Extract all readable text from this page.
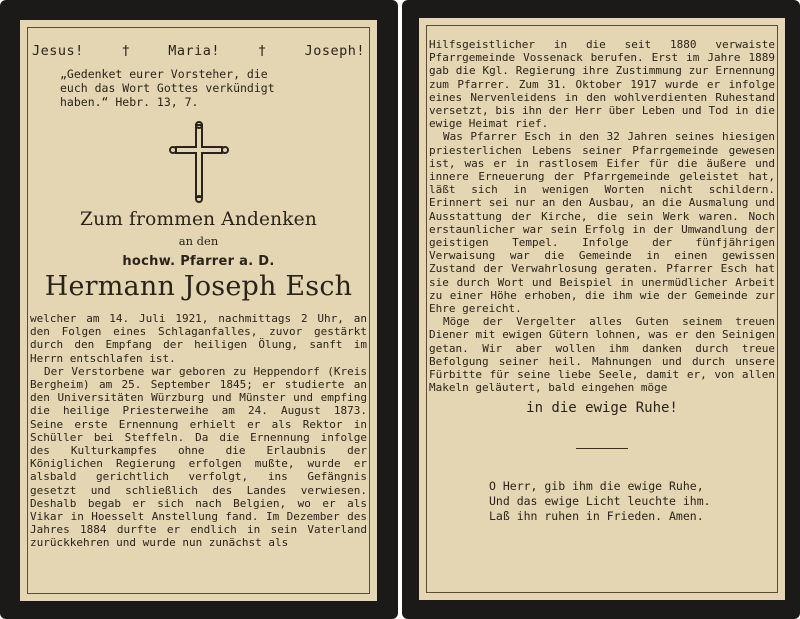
Jesus!	†	Maria!	†	Joseph!
„Gedenket eurer Vorsteher, die
euch das Wort Gottes verkündigt
haben.“ Hebr. 13, 7.
Zum frommen Andenken
an den
hochw. Pfarrer a. D.
Hermann Joseph Esch

welcher am 14. Juli 1921, nachmittags 2 Uhr, an den Folgen eines Schlaganfalles, zuvor gestärkt durch den Empfang der heiligen Ölung, sanft im Herrn entschlafen ist.

Der Verstorbene war geboren zu Heppendorf (Kreis Bergheim) am 25. September 1845; er studierte an den Universitäten Würzburg und Münster und empfing die heilige Priesterweihe am 24. August 1873. Seine erste Ernennung erhielt er als Rektor in Schüller bei Steffeln. Da die Ernennung infolge des Kulturkampfes ohne die Erlaubnis der Königlichen Regierung erfolgen mußte, wurde er alsbald gerichtlich verfolgt, ins Gefängnis gesetzt und schließlich des Landes verwiesen. Deshalb begab er sich nach Belgien, wo er als Vikar in Hoesselt Anstellung fand. Im Dezember des Jahres 1884 durfte er endlich in sein Vaterland zurückkehren und wurde nun zunächst als

Hilfsgeistlicher in die seit 1880 verwaiste Pfarrgemeinde Vossenack berufen. Erst im Jahre 1889 gab die Kgl. Regierung ihre Zustimmung zur Ernennung zum Pfarrer. Zum 31. Oktober 1917 wurde er infolge eines Nervenleidens in den wohlverdienten Ruhestand versetzt, bis ihn der Herr über Leben und Tod in die ewige Heimat rief.

Was Pfarrer Esch in den 32 Jahren seines hiesigen priesterlichen Lebens seiner Pfarrgemeinde gewesen ist, was er in rastlosem Eifer für die äußere und innere Erneuerung der Pfarrgemeinde geleistet hat, läßt sich in wenigen Worten nicht schildern. Erinnert sei nur an den Ausbau, an die Ausmalung und Ausstattung der Kirche, die sein Werk waren. Noch erstaunlicher war sein Erfolg in der Umwandlung der geistigen Tempel. Infolge der fünfjährigen Verwaisung war die Gemeinde in einen gewissen Zustand der Verwahrlosung geraten. Pfarrer Esch hat sie durch Wort und Beispiel in unermüdlicher Arbeit zu einer Höhe erhoben, die ihm wie der Gemeinde zur Ehre gereicht.

Möge der Vergelter alles Guten seinem treuen Diener mit ewigen Gütern lohnen, was er den Seinigen getan. Wir aber wollen ihm danken durch treue Befolgung seiner heil. Mahnungen und durch unsere Fürbitte für seine liebe Seele, damit er, von allen Makeln geläutert, bald eingehen möge

in die ewige Ruhe!
O Herr, gib ihm die ewige Ruhe,
Und das ewige Licht leuchte ihm.
Laß ihn ruhen in Frieden. Amen.
